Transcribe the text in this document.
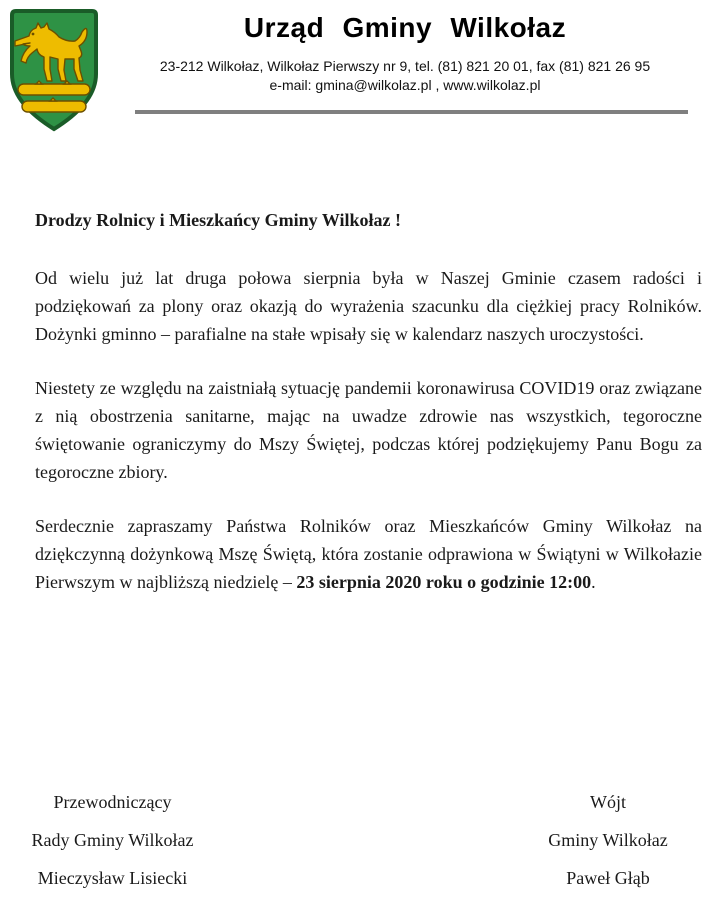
Urząd Gminy Wilkołaz
23-212 Wilkołaz, Wilkołaz Pierwszy nr 9, tel. (81) 821 20 01, fax (81) 821 26 95
e-mail: gmina@wilkolaz.pl , www.wilkolaz.pl

Drodzy Rolnicy i Mieszkańcy Gminy Wilkołaz !

Od wielu już lat druga połowa sierpnia była w Naszej Gminie czasem radości i podziękowań za plony oraz okazją do wyrażenia szacunku dla ciężkiej pracy Rolników. Dożynki gminno – parafialne na stałe wpisały się w kalendarz naszych uroczystości.

Niestety ze względu na zaistniałą sytuację pandemii koronawirusa COVID19 oraz związane z nią obostrzenia sanitarne, mając na uwadze zdrowie nas wszystkich, tegoroczne świętowanie ograniczymy do Mszy Świętej, podczas której podziękujemy Panu Bogu za tegoroczne zbiory.

Serdecznie zapraszamy Państwa Rolników oraz Mieszkańców Gminy Wilkołaz na dziękczynną dożynkową Mszę Świętą, która zostanie odprawiona w Świątyni w Wilkołazie Pierwszym w najbliższą niedzielę – 23 sierpnia 2020 roku o godzinie 12:00.

Przewodniczący
Rady Gminy Wilkołaz
Mieczysław Lisiecki
Wójt
Gminy Wilkołaz
Paweł Głąb
